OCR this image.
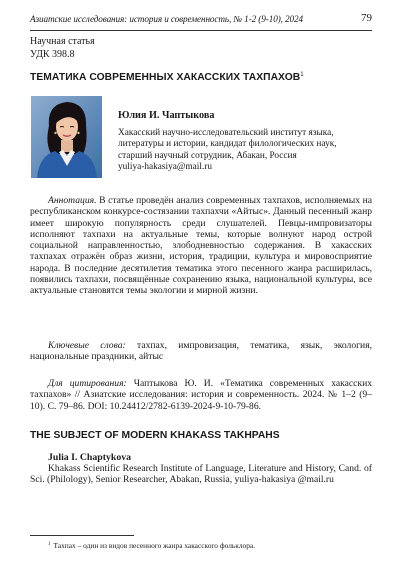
Азиатские исследования: история и современность, № 1-2 (9-10), 2024	79
Научная статья
УДК 398.8
ТЕМАТИКА СОВРЕМЕННЫХ ХАКАССКИХ ТАХПАХОВ$^1$
Юлия И. Чаптыкова
Хакасский научно-исследовательский институт языка, литературы и истории, кандидат филологических наук, старший научный сотрудник, Абакан, Россия
yuliya-hakasiya@mail.ru
Аннотация. В статье проведён анализ современных тахпахов, исполняемых на республиканском конкурсе-состязании тахпахчи «Айтыс». Данный песенный жанр имеет широкую популярность среди слушателей. Певцы-импровизаторы исполняют тахпахи на актуальные темы, которые волнуют народ острой социальной направленностью, злободневностью содержания. В хакасских тахпахах отражён образ жизни, история, традиции, культура и мировосприятие народа. В последние десятилетия тематика этого песенного жанра расширилась, появились тахпахи, посвящённые сохранению языка, национальной культуры, все актуальные становятся темы экологии и мирной жизни.
Ключевые слова: тахпах, импровизация, тематика, язык, экология, национальные праздники, айтыс
Для цитирования: Чаптыкова Ю. И. «Тематика современных хакасских тахпахов» // Азиатские исследования: история и современность. 2024. № 1–2 (9–10). С. 79–86. DOI: 10.24412/2782-6139-2024-9-10-79-86.
THE SUBJECT OF MODERN KHAKASS TAKHPAHS
Julia I. Chaptykova
Khakass Scientific Research Institute of Language, Literature and History, Cand. of Sci. (Philology), Senior Researcher, Abakan, Russia, yuliya-hakasiya @mail.ru
$^1$ Тахпах – один из видов песенного жанра хакасского фольклора.
